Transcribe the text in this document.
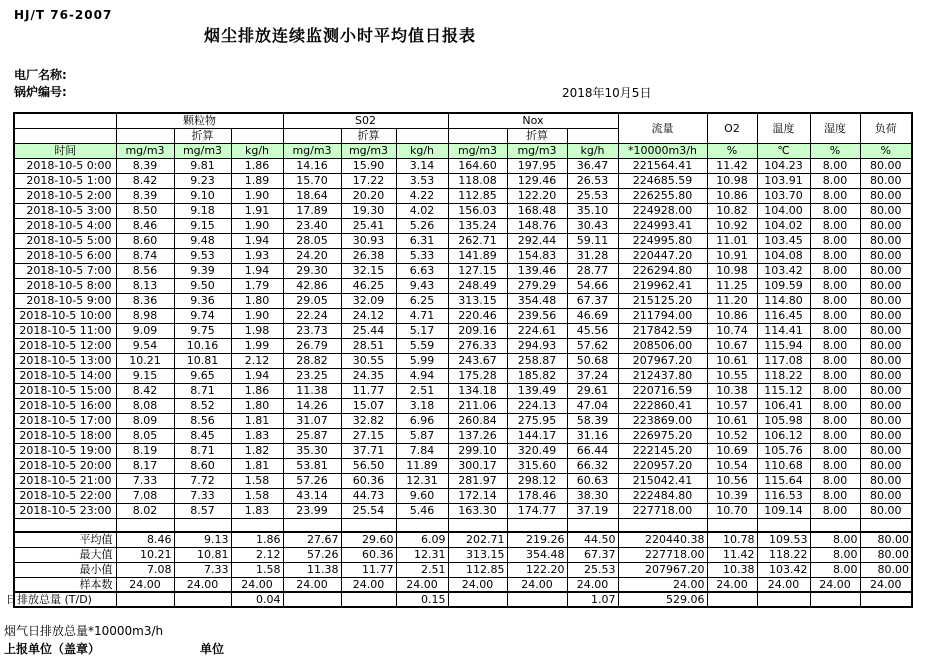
HJ/T 76-2007
烟尘排放连续监测小时平均值日报表
电厂名称:
锅炉编号:	2018年10月5日
	颗粒物			S02			Nox			流量	O2	温度	湿度	负荷
		折算			折算			折算						
时间	mg/m3	mg/m3	kg/h	mg/m3	mg/m3	kg/h	mg/m3	mg/m3	kg/h	*10000m3/h	%	℃	%	%
2018-10-5 0:00	8.39	9.81	1.86	14.16	15.90	3.14	164.60	197.95	36.47	221564.41	11.42	104.23	8.00	80.00
2018-10-5 1:00	8.42	9.23	1.89	15.70	17.22	3.53	118.08	129.46	26.53	224685.59	10.98	103.91	8.00	80.00
2018-10-5 2:00	8.39	9.10	1.90	18.64	20.20	4.22	112.85	122.20	25.53	226255.80	10.86	103.70	8.00	80.00
2018-10-5 3:00	8.50	9.18	1.91	17.89	19.30	4.02	156.03	168.48	35.10	224928.00	10.82	104.00	8.00	80.00
2018-10-5 4:00	8.46	9.15	1.90	23.40	25.41	5.26	135.24	148.76	30.43	224993.41	10.92	104.02	8.00	80.00
2018-10-5 5:00	8.60	9.48	1.94	28.05	30.93	6.31	262.71	292.44	59.11	224995.80	11.01	103.45	8.00	80.00
2018-10-5 6:00	8.74	9.53	1.93	24.20	26.38	5.33	141.89	154.83	31.28	220447.20	10.91	104.08	8.00	80.00
2018-10-5 7:00	8.56	9.39	1.94	29.30	32.15	6.63	127.15	139.46	28.77	226294.80	10.98	103.42	8.00	80.00
2018-10-5 8:00	8.13	9.50	1.79	42.86	46.25	9.43	248.49	279.29	54.66	219962.41	11.25	109.59	8.00	80.00
2018-10-5 9:00	8.36	9.36	1.80	29.05	32.09	6.25	313.15	354.48	67.37	215125.20	11.20	114.80	8.00	80.00
2018-10-5 10:00	8.98	9.74	1.90	22.24	24.12	4.71	220.46	239.56	46.69	211794.00	10.86	116.45	8.00	80.00
2018-10-5 11:00	9.09	9.75	1.98	23.73	25.44	5.17	209.16	224.61	45.56	217842.59	10.74	114.41	8.00	80.00
2018-10-5 12:00	9.54	10.16	1.99	26.79	28.51	5.59	276.33	294.93	57.62	208506.00	10.67	115.94	8.00	80.00
2018-10-5 13:00	10.21	10.81	2.12	28.82	30.55	5.99	243.67	258.87	50.68	207967.20	10.61	117.08	8.00	80.00
2018-10-5 14:00	9.15	9.65	1.94	23.25	24.35	4.94	175.28	185.82	37.24	212437.80	10.55	118.22	8.00	80.00
2018-10-5 15:00	8.42	8.71	1.86	11.38	11.77	2.51	134.18	139.49	29.61	220716.59	10.38	115.12	8.00	80.00
2018-10-5 16:00	8.08	8.52	1.80	14.26	15.07	3.18	211.06	224.13	47.04	222860.41	10.57	106.41	8.00	80.00
2018-10-5 17:00	8.09	8.56	1.81	31.07	32.82	6.96	260.84	275.95	58.39	223869.00	10.61	105.98	8.00	80.00
2018-10-5 18:00	8.05	8.45	1.83	25.87	27.15	5.87	137.26	144.17	31.16	226975.20	10.52	106.12	8.00	80.00
2018-10-5 19:00	8.19	8.71	1.82	35.30	37.71	7.84	299.10	320.49	66.44	222145.20	10.69	105.76	8.00	80.00
2018-10-5 20:00	8.17	8.60	1.81	53.81	56.50	11.89	300.17	315.60	66.32	220957.20	10.54	110.68	8.00	80.00
2018-10-5 21:00	7.33	7.72	1.58	57.26	60.36	12.31	281.97	298.12	60.63	215042.41	10.56	115.64	8.00	80.00
2018-10-5 22:00	7.08	7.33	1.58	43.14	44.73	9.60	172.14	178.46	38.30	222484.80	10.39	116.53	8.00	80.00
2018-10-5 23:00	8.02	8.57	1.83	23.99	25.54	5.46	163.30	174.77	37.19	227718.00	10.70	109.14	8.00	80.00

平均值	8.46	9.13	1.86	27.67	29.60	6.09	202.71	219.26	44.50	220440.38	10.78	109.53	8.00	80.00
最大值	10.21	10.81	2.12	57.26	60.36	12.31	313.15	354.48	67.37	227718.00	11.42	118.22	8.00	80.00
最小值	7.08	7.33	1.58	11.38	11.77	2.51	112.85	122.20	25.53	207967.20	10.38	103.42	8.00	80.00
样本数	24.00	24.00	24.00	24.00	24.00	24.00	24.00	24.00	24.00	24.00	24.00	24.00	24.00	24.00
日排放总量 (T/D)			0.04			0.15			1.07	529.06				
烟气日排放总量*10000m3/h
上报单位（盖章）	单位
